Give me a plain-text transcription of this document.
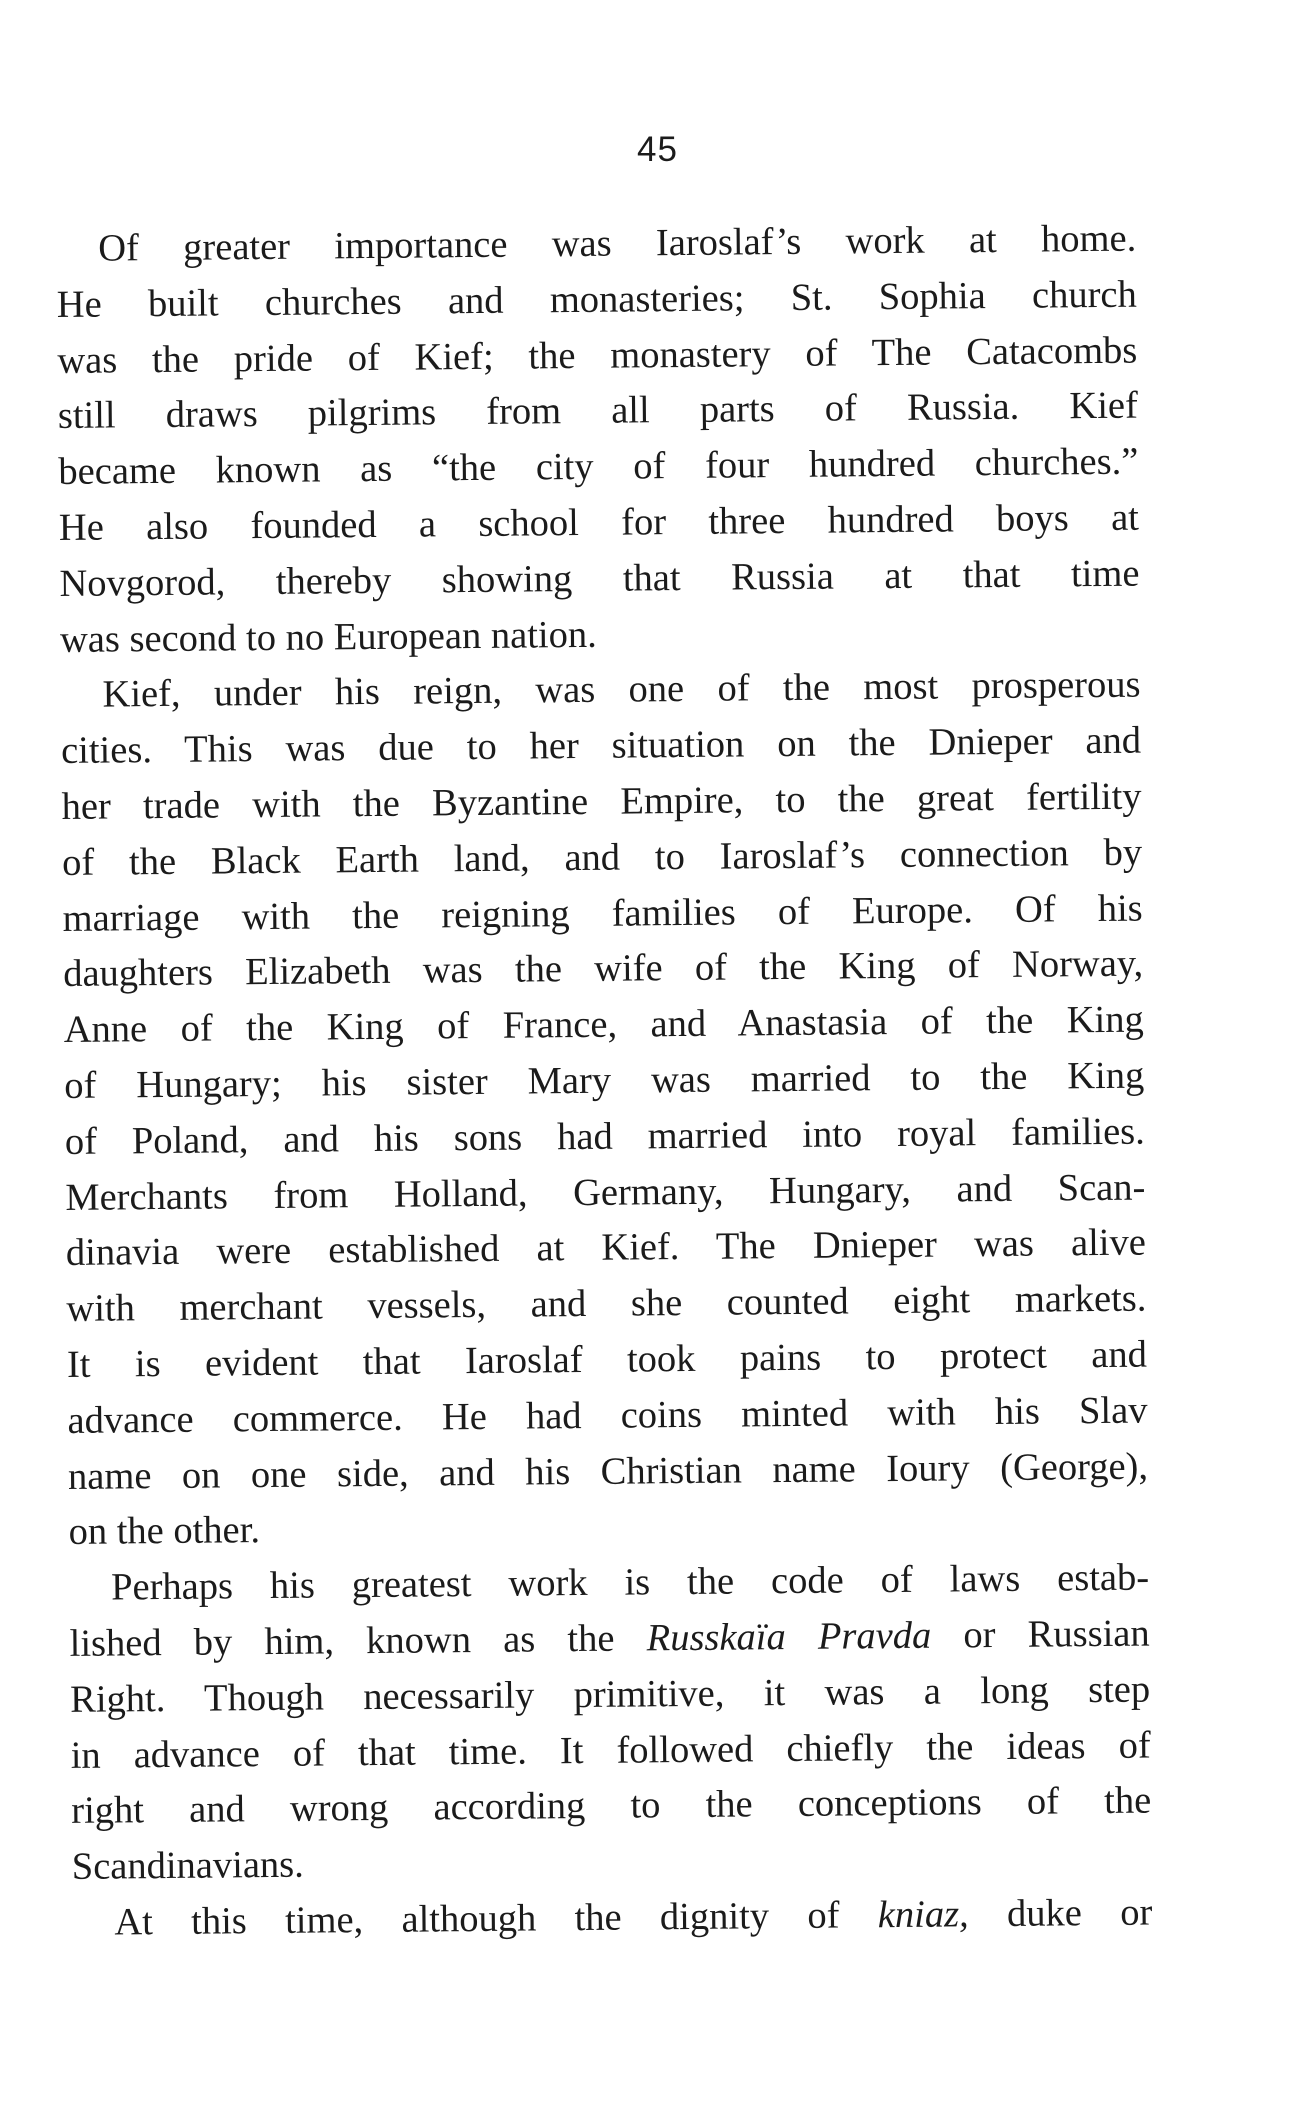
45
Of greater importance was Iaroslaf’s work at home.
He built churches and monasteries; St. Sophia church
was the pride of Kief; the monastery of The Catacombs
still draws pilgrims from all parts of Russia. Kief
became known as “the city of four hundred churches.”
He also founded a school for three hundred boys at
Novgorod, thereby showing that Russia at that time
was second to no European nation.
Kief, under his reign, was one of the most prosperous
cities. This was due to her situation on the Dnieper and
her trade with the Byzantine Empire, to the great fertility
of the Black Earth land, and to Iaroslaf’s connection by
marriage with the reigning families of Europe. Of his
daughters Elizabeth was the wife of the King of Norway,
Anne of the King of France, and Anastasia of the King
of Hungary; his sister Mary was married to the King
of Poland, and his sons had married into royal families.
Merchants from Holland, Germany, Hungary, and Scan-
dinavia were established at Kief. The Dnieper was alive
with merchant vessels, and she counted eight markets.
It is evident that Iaroslaf took pains to protect and
advance commerce. He had coins minted with his Slav
name on one side, and his Christian name Ioury (George),
on the other.
Perhaps his greatest work is the code of laws estab-
lished by him, known as the Russkaïa Pravda or Russian
Right. Though necessarily primitive, it was a long step
in advance of that time. It followed chiefly the ideas of
right and wrong according to the conceptions of the
Scandinavians.
At this time, although the dignity of kniaz, duke or
